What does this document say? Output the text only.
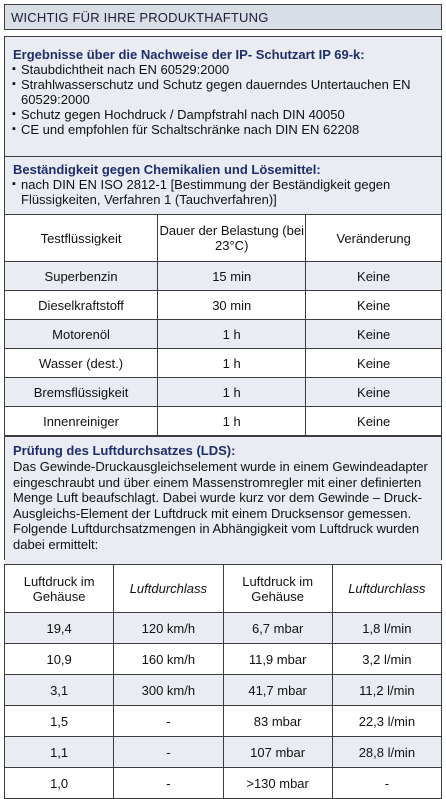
WICHTIG FÜR IHRE PRODUKTHAFTUNG
Ergebnisse über die Nachweise der IP- Schutzart IP 69-k:
▪ Staubdichtheit nach EN 60529:2000
▪ Strahlwasserschutz und Schutz gegen dauerndes Untertauchen EN 60529:2000
▪ Schutz gegen Hochdruck / Dampfstrahl nach DIN 40050
▪ CE und empfohlen für Schaltschränke nach DIN EN 62208
Beständigkeit gegen Chemikalien und Lösemittel:
▪ nach DIN EN ISO 2812-1 [Bestimmung der Beständigkeit gegen Flüssigkeiten, Verfahren 1 (Tauchverfahren)]
Testflüssigkeit	Dauer der Belastung (bei 23°C)	Veränderung
Superbenzin	15 min	Keine
Dieselkraftstoff	30 min	Keine
Motorenöl	1 h	Keine
Wasser (dest.)	1 h	Keine
Bremsflüssigkeit	1 h	Keine
Innenreiniger	1 h	Keine
Prüfung des Luftdurchsatzes (LDS):
Das Gewinde-Druckausgleichselement wurde in einem Gewindeadapter eingeschraubt und über einem Massenstromregler mit einer definierten Menge Luft beaufschlagt. Dabei wurde kurz vor dem Gewinde – Druck-Ausgleichs-Element der Luftdruck mit einem Drucksensor gemessen. Folgende Luftdurchsatzmengen in Abhängigkeit vom Luftdruck wurden dabei ermittelt:
Luftdruck im Gehäuse	Luftdurchlass	Luftdruck im Gehäuse	Luftdurchlass
19,4	120 km/h	6,7 mbar	1,8 l/min
10,9	160 km/h	11,9 mbar	3,2 l/min
3,1	300 km/h	41,7 mbar	11,2 l/min
1,5	-	83 mbar	22,3 l/min
1,1	-	107 mbar	28,8 l/min
1,0	-	>130 mbar	-
